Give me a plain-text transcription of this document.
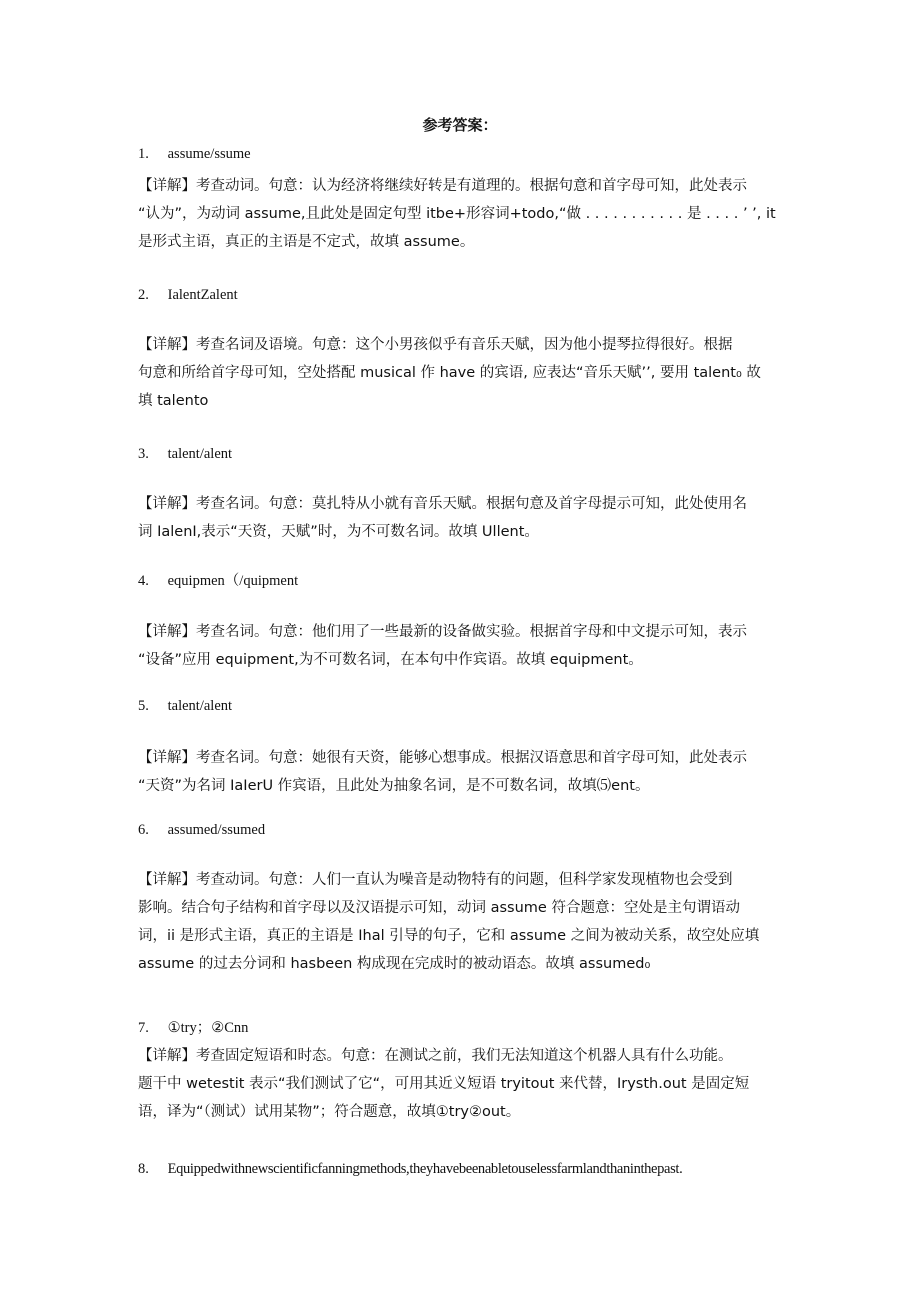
参考答案：
1. assume/ssume
【详解】考查动词。句意：认为经济将继续好转是有道理的。根据句意和首字母可知，此处表示
“认为”，为动词 assume,且此处是固定句型 itbe+形容词+todo,“做 . . . . . . . . . . . 是 . . . . ’ ’, it
是形式主语，真正的主语是不定式，故填 assume。
2. IalentZalent
【详解】考查名词及语境。句意：这个小男孩似乎有音乐天赋，因为他小提琴拉得很好。根据
句意和所给首字母可知，空处搭配 musical 作 have 的宾语, 应表达“音乐天赋’’, 要用 talent₀ 故
填 talento
3. talent/alent
【详解】考查名词。句意：莫扎特从小就有音乐天赋。根据句意及首字母提示可知，此处使用名
词 IalenI,表示“天资，天赋”时，为不可数名词。故填 Ullent。
4. equipmen（/quipment
【详解】考查名词。句意：他们用了一些最新的设备做实验。根据首字母和中文提示可知，表示
“设备”应用 equipment,为不可数名词，在本句中作宾语。故填 equipment。
5. talent/alent
【详解】考查名词。句意：她很有天资，能够心想事成。根据汉语意思和首字母可知，此处表示
“天资”为名词 IaIerU 作宾语，且此处为抽象名词，是不可数名词，故填⑸ent。
6. assumed/ssumed
【详解】考查动词。句意：人们一直认为噪音是动物特有的问题，但科学家发现植物也会受到
影响。结合句子结构和首字母以及汉语提示可知，动词 assume 符合题意：空处是主句谓语动
词，ii 是形式主语，真正的主语是 Ihal 引导的句子，它和 assume 之间为被动关系，故空处应填
assume 的过去分词和 hasbeen 构成现在完成时的被动语态。故填 assumed₀
7. ①try；②Cnn
【详解】考查固定短语和时态。句意：在测试之前，我们无法知道这个机器人具有什么功能。
题干中 wetestit 表示“我们测试了它“，可用其近义短语 tryitout 来代替，Irysth.out 是固定短
语，译为“（测试）试用某物”；符合题意，故填①try②out。
8. Equippedwithnewscientificfanningmethods,theyhavebeenabletouselessfarmlandthaninthepast.
